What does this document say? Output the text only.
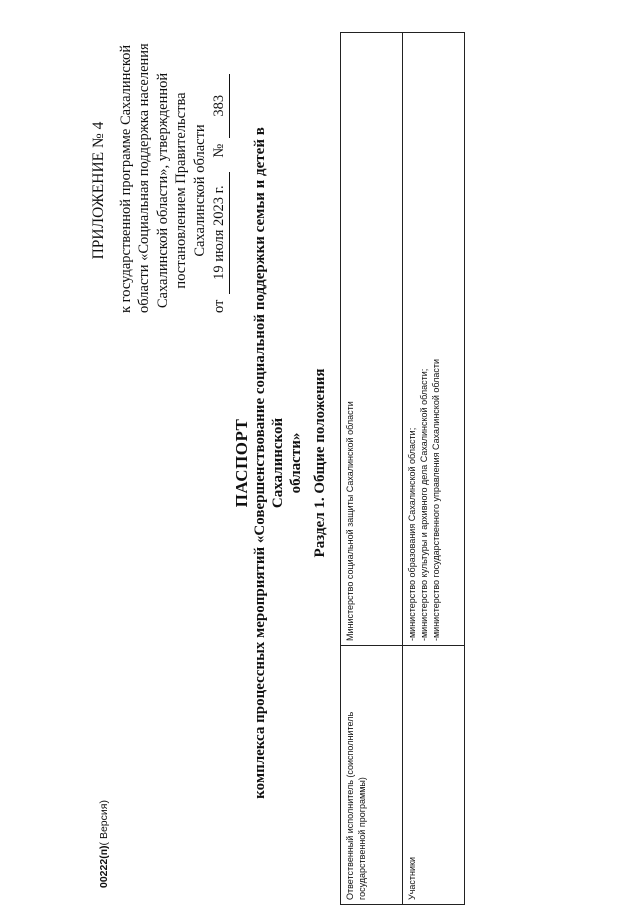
ПРИЛОЖЕНИЕ № 4 к государственной программе Сахалинской области «Социальная поддержка населения Сахалинской области», утвержденной постановлением Правительства Сахалинской области
от
19 июля 2023 г.
№
383
ПАСПОРТ комплекса процессных мероприятий «Совершенствование социальной поддержки семьи и детей в Сахалинской области» Раздел 1. Общие положения
Ответственный исполнитель (соисполнитель государственной программы)	Министерство социальной защиты Сахалинской области

Участники	-министерство образования Сахалинской области; -министерство культуры и архивного дела Сахалинской области; -министерство государственного управления Сахалинской области
00222(п)( Версия)
